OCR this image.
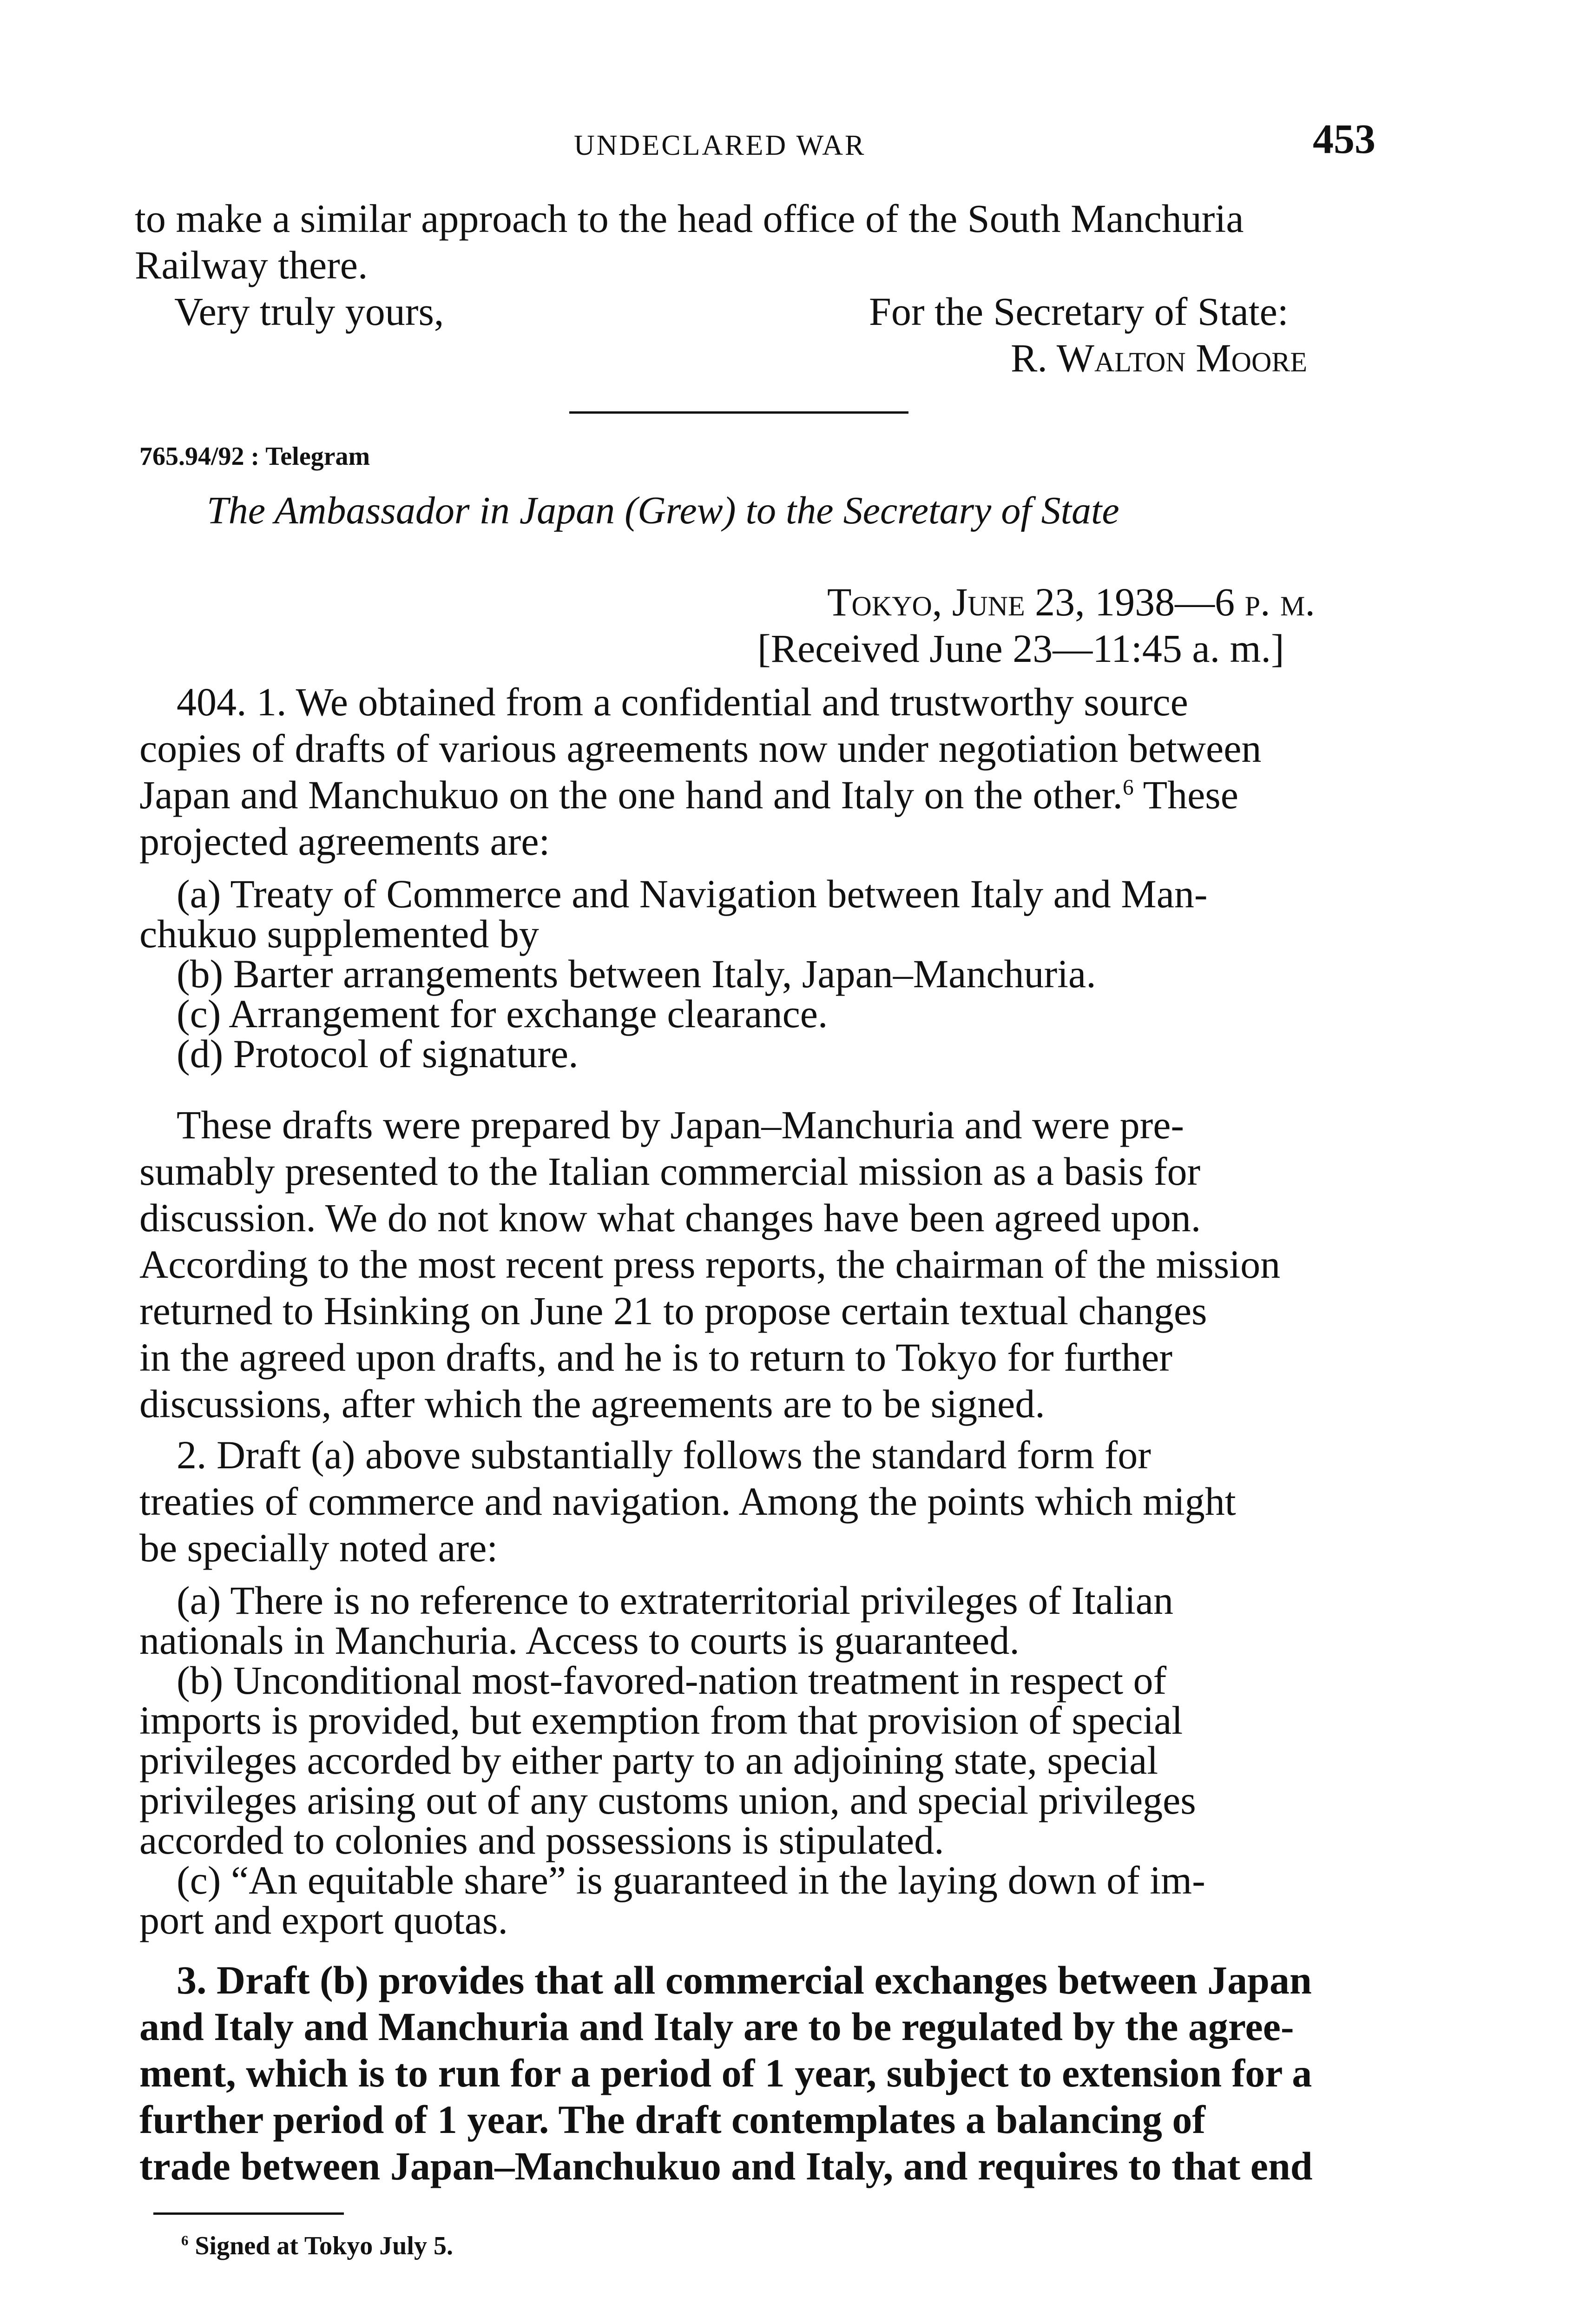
UNDECLARED WAR	453
to make a similar approach to the head office of the South Manchuria
Railway there.
Very truly yours,	For the Secretary of State:
R. Walton Moore
765.94/92 : Telegram
The Ambassador in Japan (Grew) to the Secretary of State
Tokyo, June 23, 1938—6 p. m.
[Received June 23—11:45 a. m.]

404. 1. We obtained from a confidential and trustworthy source

copies of drafts of various agreements now under negotiation between

Japan and Manchukuo on the one hand and Italy on the other.$^6$ These

projected agreements are:

(a) Treaty of Commerce and Navigation between Italy and Man-

chukuo supplemented by

(b) Barter arrangements between Italy, Japan–Manchuria.

(c) Arrangement for exchange clearance.

(d) Protocol of signature.

These drafts were prepared by Japan–Manchuria and were pre-

sumably presented to the Italian commercial mission as a basis for

discussion. We do not know what changes have been agreed upon.

According to the most recent press reports, the chairman of the mission

returned to Hsinking on June 21 to propose certain textual changes

in the agreed upon drafts, and he is to return to Tokyo for further

discussions, after which the agreements are to be signed.

2. Draft (a) above substantially follows the standard form for

treaties of commerce and navigation. Among the points which might

be specially noted are:

(a) There is no reference to extraterritorial privileges of Italian

nationals in Manchuria. Access to courts is guaranteed.

(b) Unconditional most-favored-nation treatment in respect of

imports is provided, but exemption from that provision of special

privileges accorded by either party to an adjoining state, special

privileges arising out of any customs union, and special privileges

accorded to colonies and possessions is stipulated.

(c) “An equitable share” is guaranteed in the laying down of im-

port and export quotas.

3. Draft (b) provides that all commercial exchanges between Japan

and Italy and Manchuria and Italy are to be regulated by the agree-

ment, which is to run for a period of 1 year, subject to extension for a

further period of 1 year. The draft contemplates a balancing of

trade between Japan–Manchukuo and Italy, and requires to that end

$^6$ Signed at Tokyo July 5.
